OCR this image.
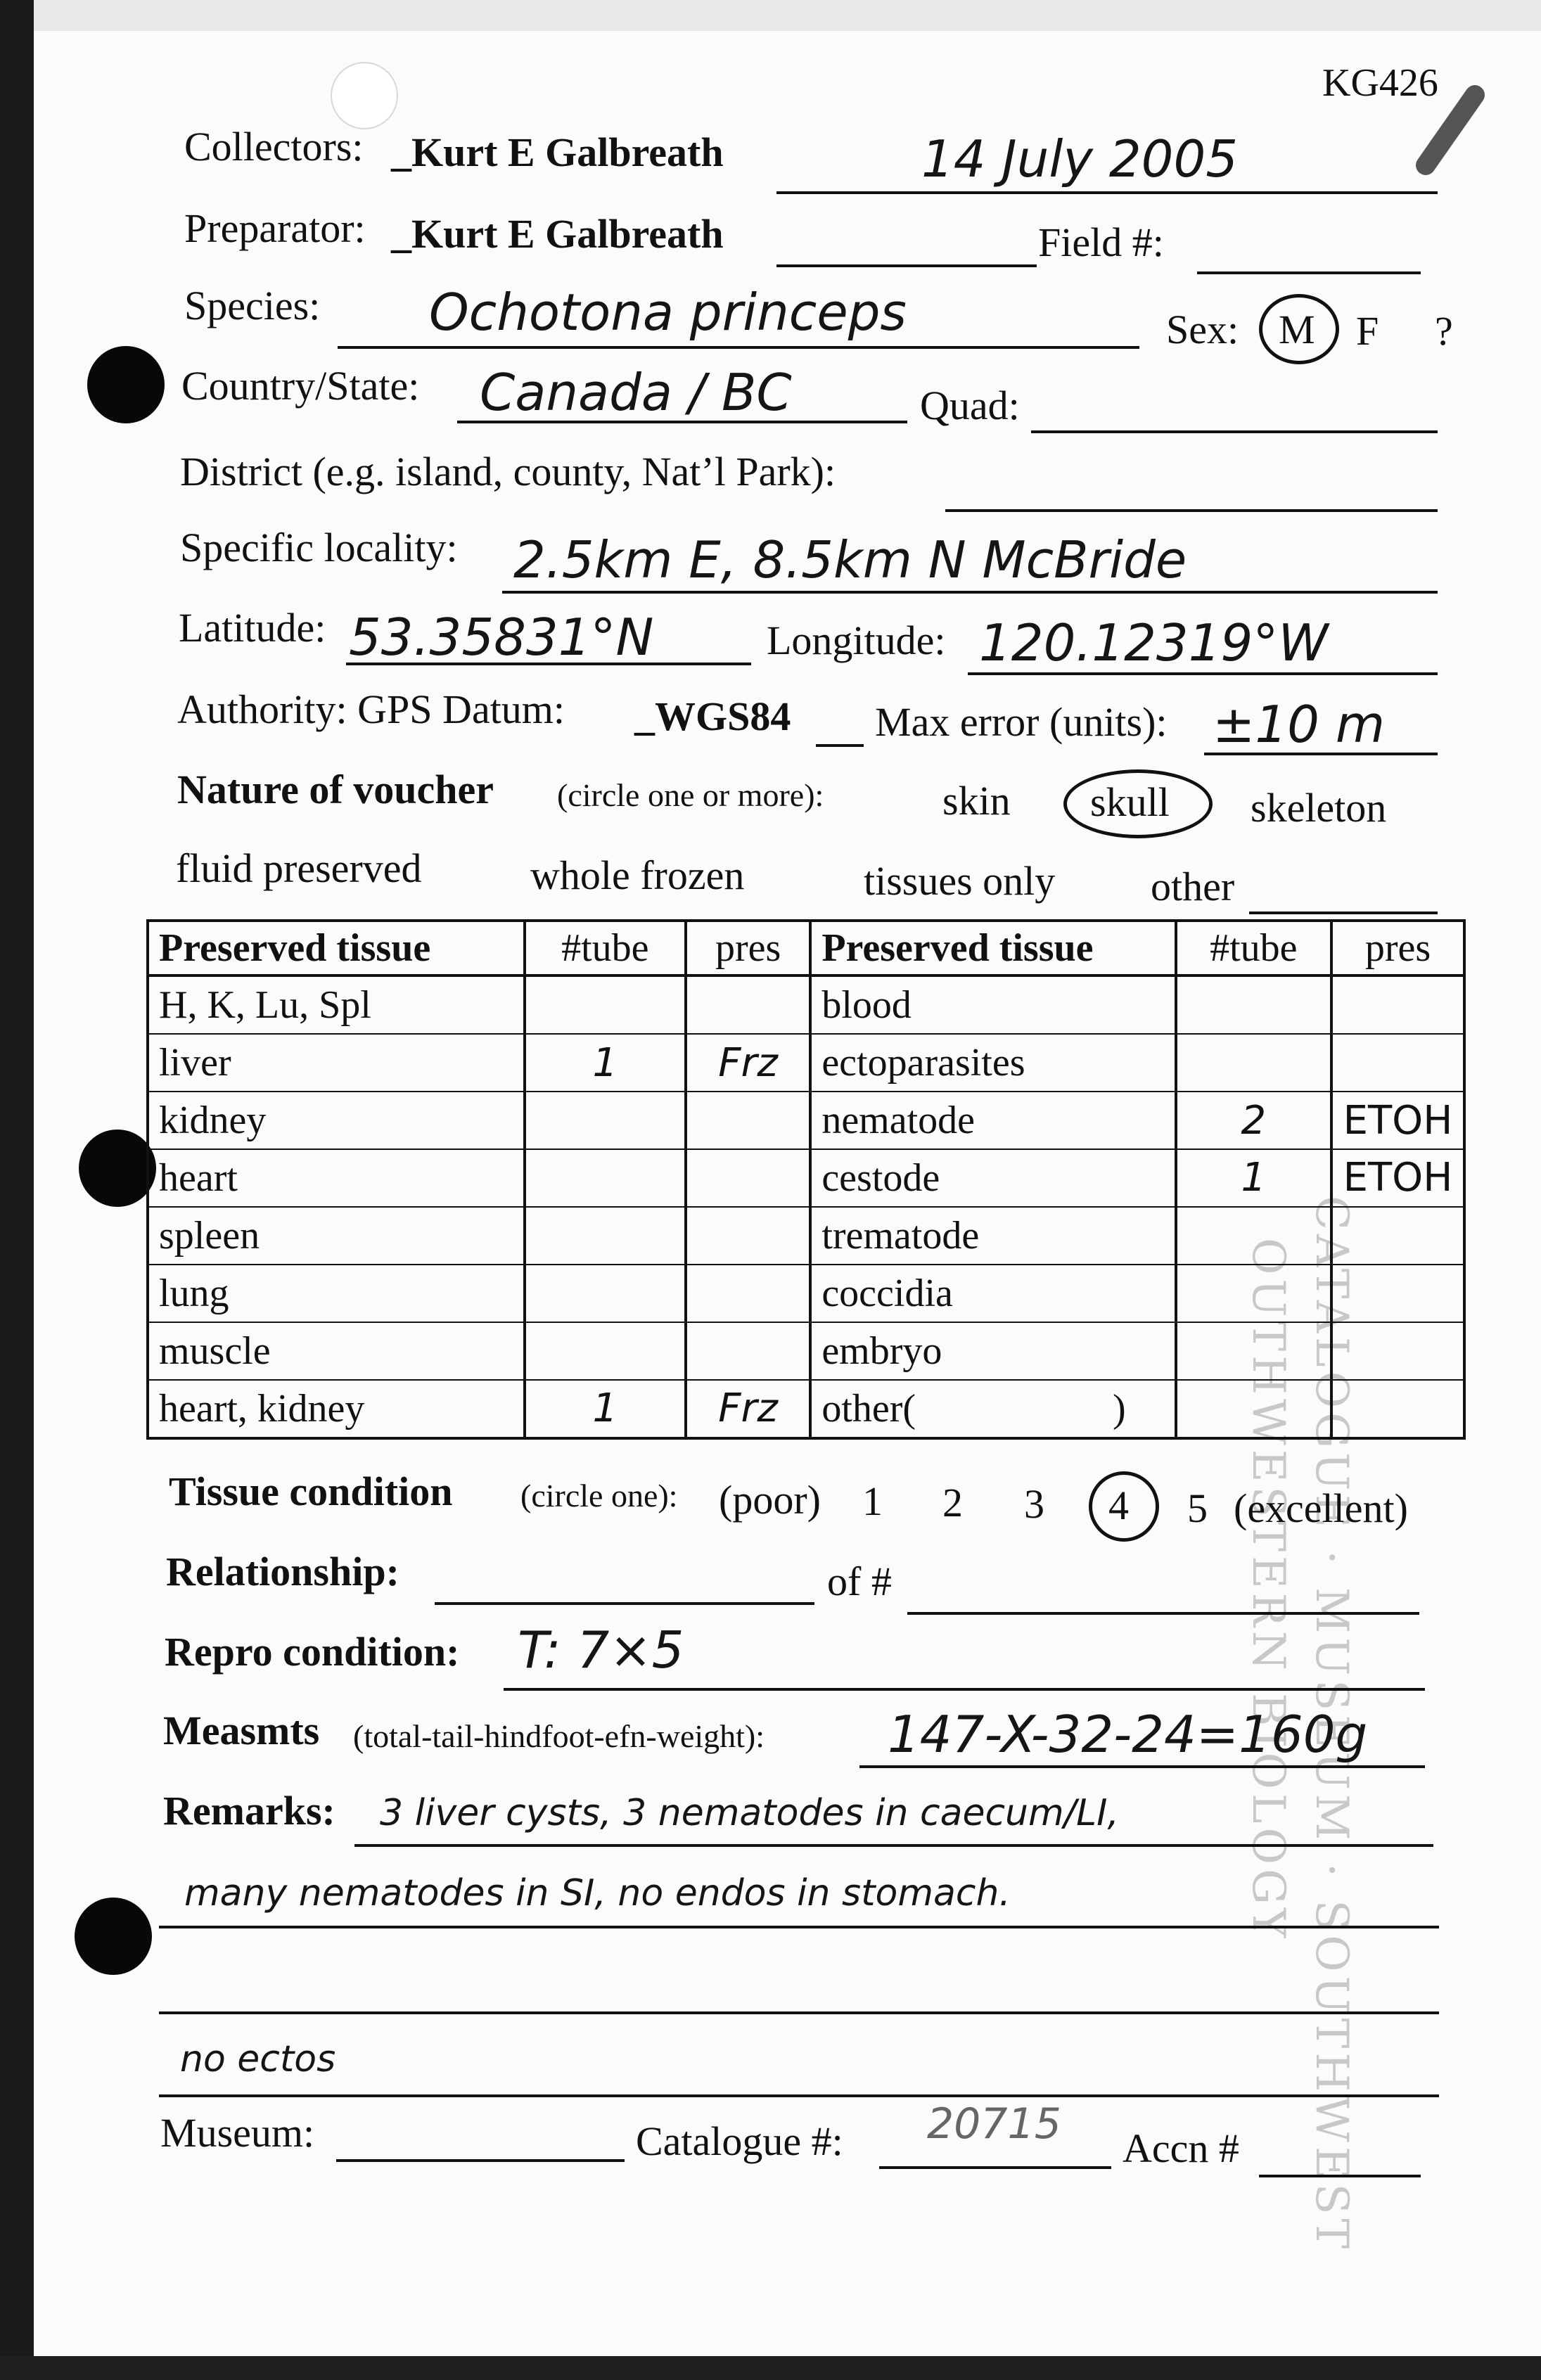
CATALOGUE · MUSEUM · SOUTHWEST
OUTHWESTERN BIOLOGY
KG426
Collectors: _Kurt E Galbreath	14 July 2005
Preparator: _Kurt E Galbreath	Field #:
Species: Ochotona princeps	Sex: M F ?
Country/State: Canada / BC	Quad:
District (e.g. island, county, Nat’l Park):
Specific locality: 2.5km E, 8.5km N McBride
Latitude: 53.35831°N	Longitude: 120.12319°W
Authority: GPS Datum: _WGS84 Max error (units): ±10 m
Nature of voucher (circle one or more):	skin skull skeleton
fluid preserved	whole frozen	tissues only other
Preserved tissue	#tube	pres	Preserved tissue	#tube	pres
H, K, Lu, Spl			blood		
liver	1	Frz	ectoparasites		
kidney			nematode	2	ETOH
heart			cestode	1	ETOH
spleen			trematode		
lung			coccidia		
muscle			embryo		
heart, kidney	1	Frz	other(                    )		
Tissue condition (circle one): (poor) 1 2 3 4 5 (excellent)
Relationship:	of #
Repro condition: T: 7×5
Measmts (total-tail-hindfoot-efn-weight): 147-X-32-24=160g
Remarks: 3 liver cysts, 3 nematodes in caecum/LI,
many nematodes in SI, no endos in stomach.
no ectos
Museum:	Catalogue #: 20715 Accn #
